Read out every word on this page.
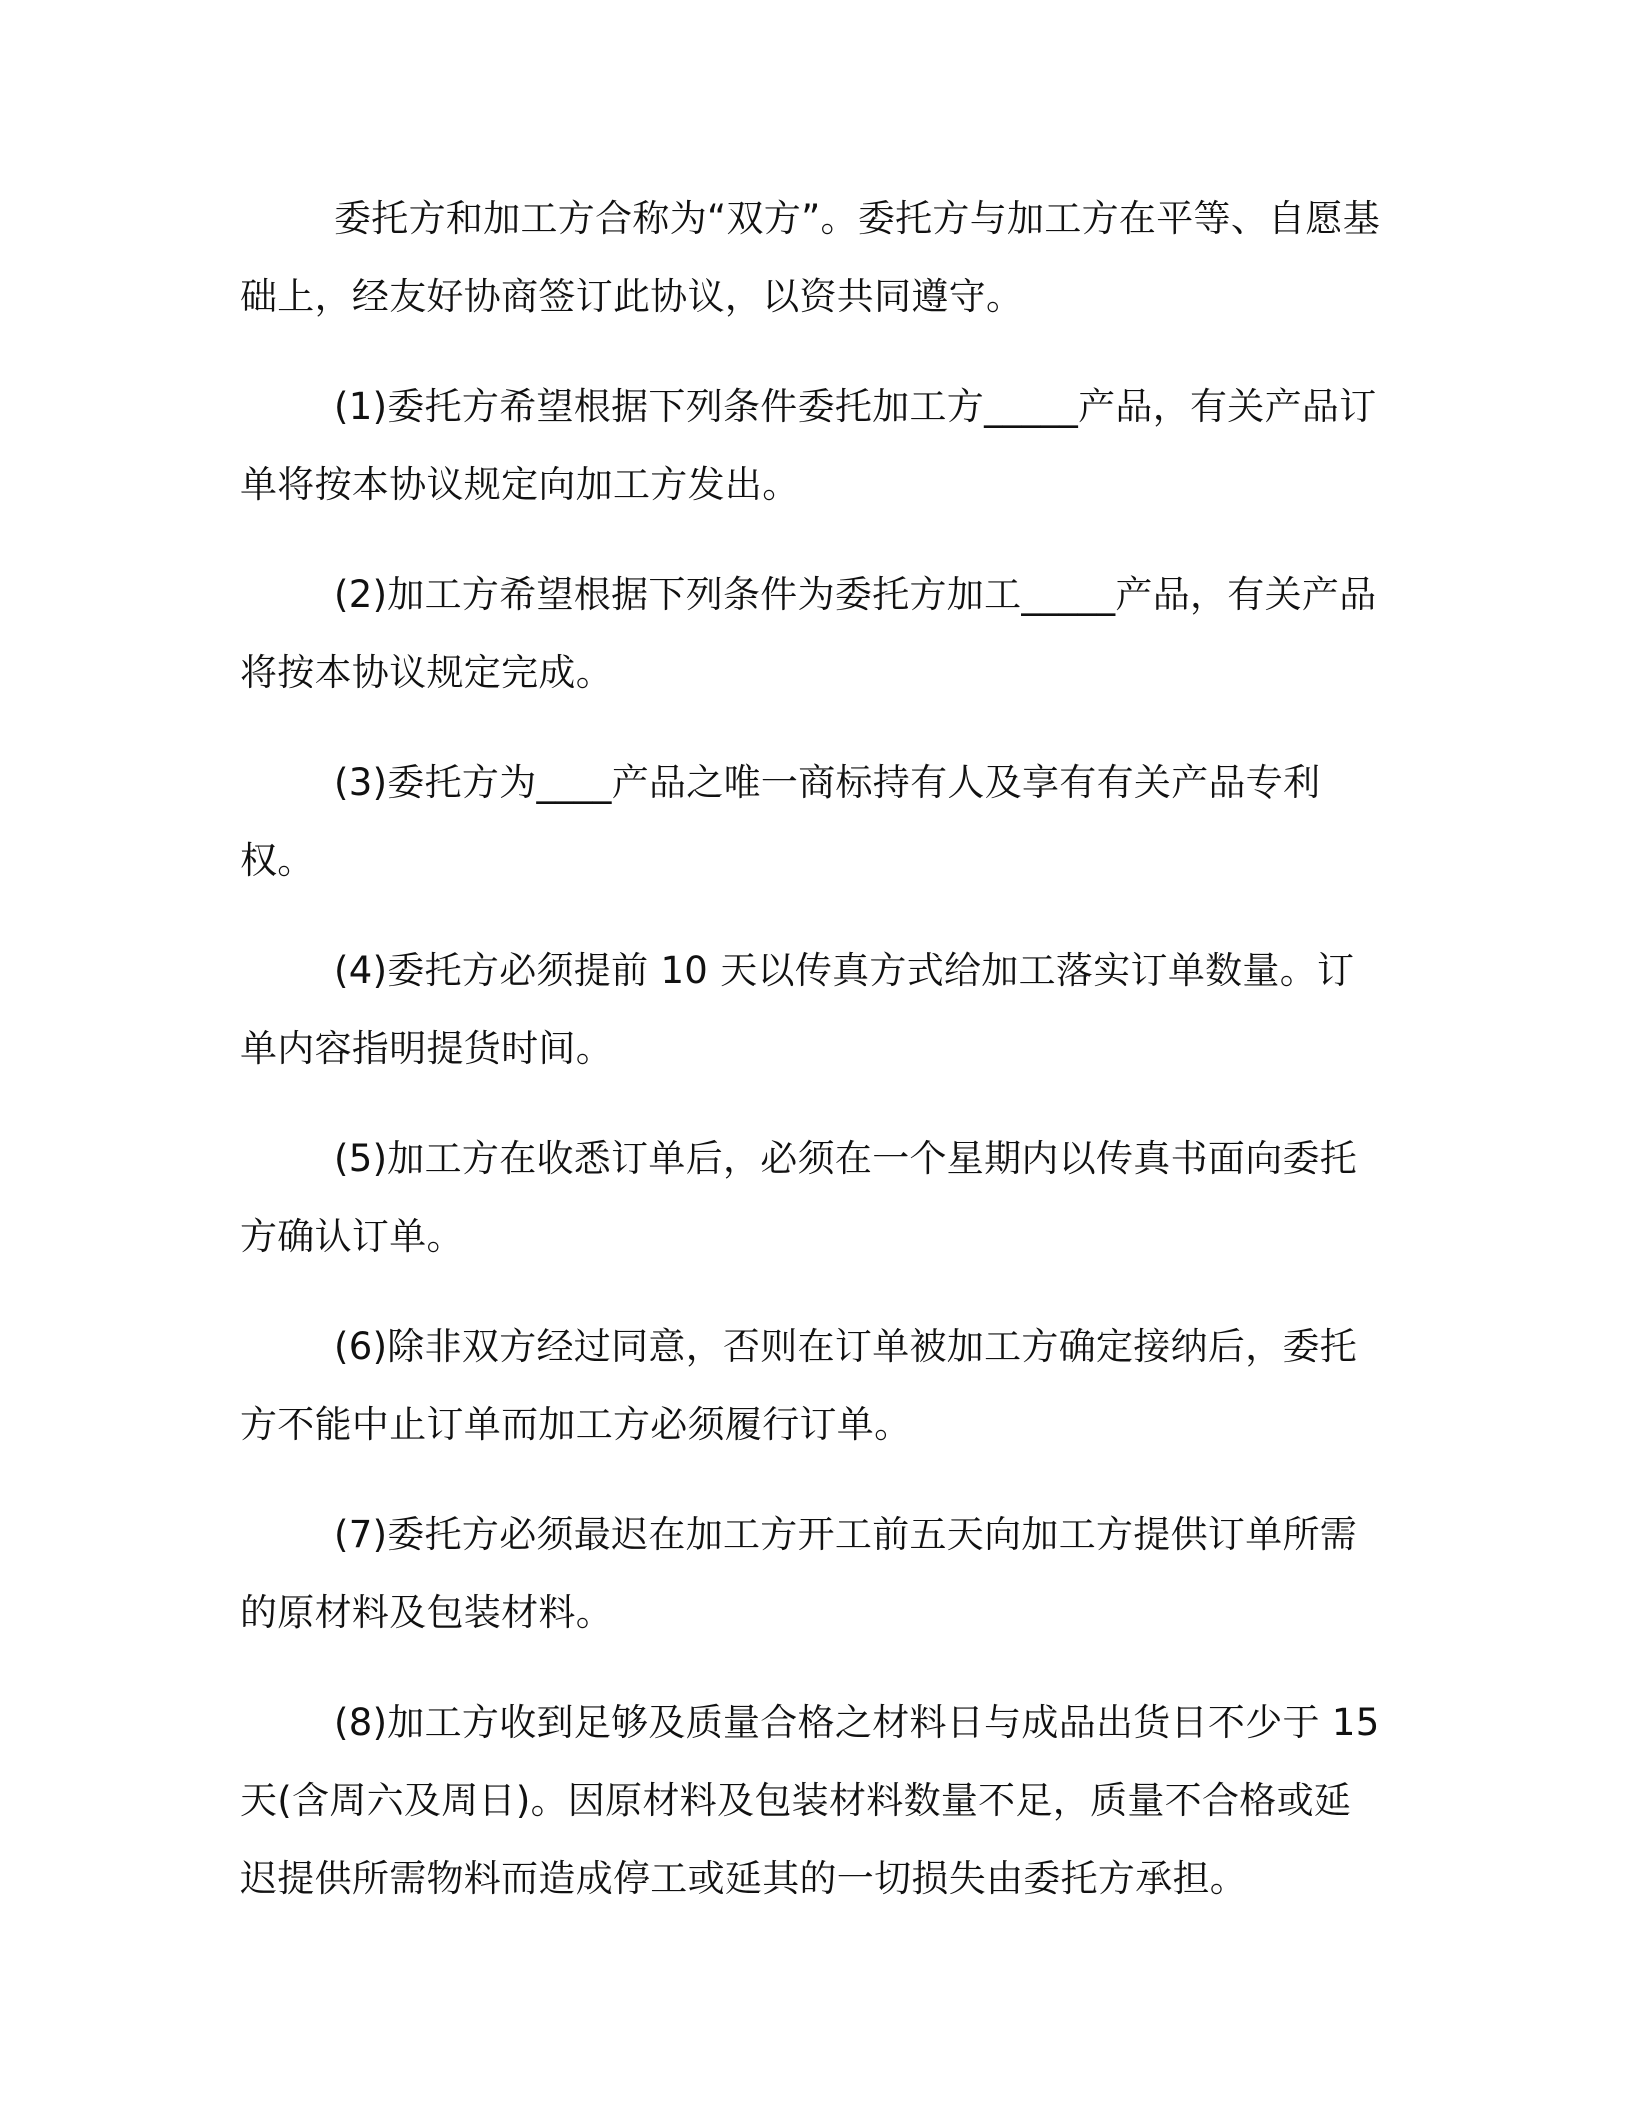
委托方和加工方合称为“双方”。委托方与加工方在平等、自愿基础上，经友好协商签订此协议，以资共同遵守。

(1)委托方希望根据下列条件委托加工方_____产品，有关产品订单将按本协议规定向加工方发出。

(2)加工方希望根据下列条件为委托方加工_____产品，有关产品将按本协议规定完成。

(3)委托方为____产品之唯一商标持有人及享有有关产品专利权。

(4)委托方必须提前 10 天以传真方式给加工落实订单数量。订单内容指明提货时间。

(5)加工方在收悉订单后，必须在一个星期内以传真书面向委托方确认订单。

(6)除非双方经过同意，否则在订单被加工方确定接纳后，委托方不能中止订单而加工方必须履行订单。

(7)委托方必须最迟在加工方开工前五天向加工方提供订单所需的原材料及包装材料。

(8)加工方收到足够及质量合格之材料日与成品出货日不少于 15 天(含周六及周日)。因原材料及包装材料数量不足，质量不合格或延迟提供所需物料而造成停工或延其的一切损失由委托方承担。
